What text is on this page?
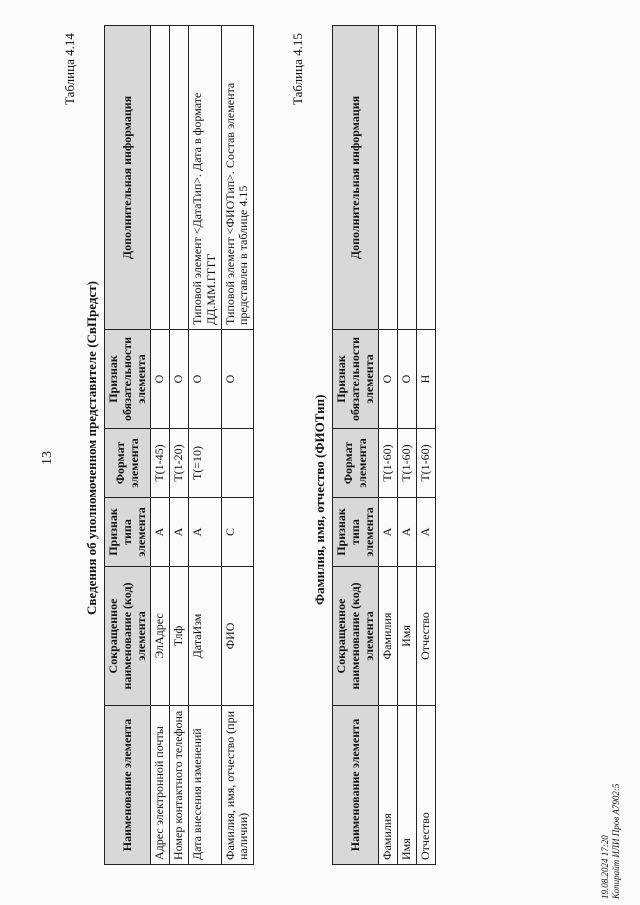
13
Таблица 4.14
Сведения об уполномоченном представителе (СвПредст)
Наименование элемента	Сокращенное наименование (код) элемента	Признак типа элемента	Формат элемента	Признак обязательности элемента	Дополнительная информация
Адрес электронной почты	ЭлАдрес	А	T(1-45)	О	
Номер контактного телефона	Тлф	А	T(1-20)	О	
Дата внесения изменений	ДатаИзм	А	T(=10)	О	Типовой элемент <ДатаТип>. Дата в формате ДД.ММ.ГГГГ
Фамилия, имя, отчество (при наличии)	ФИО	С		О	Типовой элемент <ФИОТип>. Состав элемента представлен в таблице 4.15
Таблица 4.15
Фамилия, имя, отчество (ФИОТип)
Наименование элемента	Сокращенное наименование (код) элемента	Признак типа элемента	Формат элемента	Признак обязательности элемента	Дополнительная информация
Фамилия	Фамилия	А	T(1-60)	О	
Имя	Имя	А	T(1-60)	О	
Отчество	Отчество	А	T(1-60)	Н	
19.08.2024 17:20 Копирайт ИЛИ Пров А7902:5
